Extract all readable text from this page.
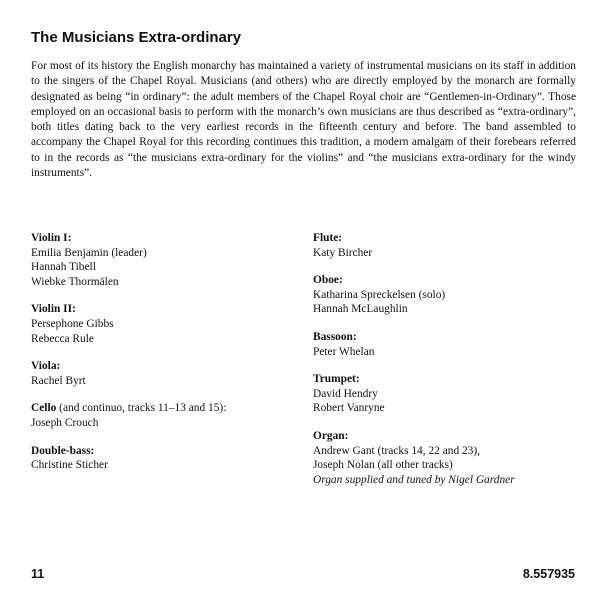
The Musicians Extra-ordinary
For most of its history the English monarchy has maintained a variety of instrumental musicians on its staff in addition to the singers of the Chapel Royal. Musicians (and others) who are directly employed by the monarch are formally designated as being “in ordinary”: the adult members of the Chapel Royal choir are “Gentlemen-in-Ordinary”. Those employed on an occasional basis to perform with the monarch’s own musicians are thus described as “extra-ordinary”, both titles dating back to the very earliest records in the fifteenth century and before. The band assembled to accompany the Chapel Royal for this recording continues this tradition, a modern amalgam of their forebears referred to in the records as “the musicians extra-ordinary for the violins” and “the musicians extra-ordinary for the windy instruments”.
Violin I:
Emilia Benjamin (leader)
Hannah Tibell
Wiebke Thormälen
Violin II:
Persephone Gibbs
Rebecca Rule
Viola:
Rachel Byrt
Cello (and continuo, tracks 11–13 and 15):
Joseph Crouch
Double-bass:
Christine Sticher
Flute:
Katy Bircher
Oboe:
Katharina Spreckelsen (solo)
Hannah McLaughlin
Bassoon:
Peter Whelan
Trumpet:
David Hendry
Robert Vanryne
Organ:
Andrew Gant (tracks 14, 22 and 23),
Joseph Nolan (all other tracks)
Organ supplied and tuned by Nigel Gardner
11	8.557935
